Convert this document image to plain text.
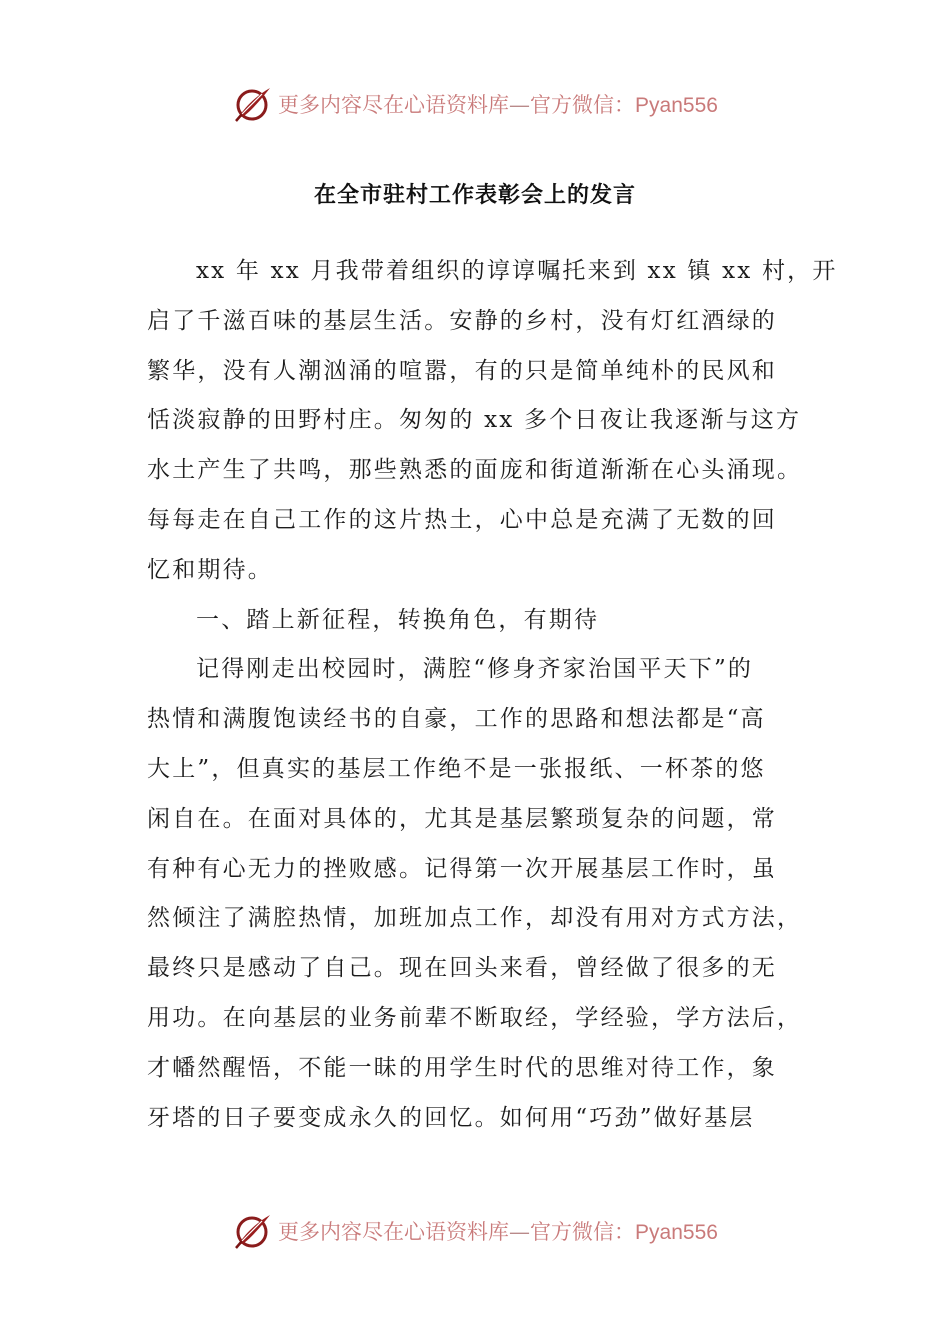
更多内容尽在心语资料库—官方微信：Pyan556
在全市驻村工作表彰会上的发言
xx 年 xx 月我带着组织的谆谆嘱托来到 xx 镇 xx 村，开
启了千滋百味的基层生活。安静的乡村，没有灯红酒绿的
繁华，没有人潮汹涌的喧嚣，有的只是简单纯朴的民风和
恬淡寂静的田野村庄。匆匆的 xx 多个日夜让我逐渐与这方
水土产生了共鸣，那些熟悉的面庞和街道渐渐在心头涌现。
每每走在自己工作的这片热土，心中总是充满了无数的回
忆和期待。
一、踏上新征程，转换角色，有期待
记得刚走出校园时，满腔“修身齐家治国平天下”的
热情和满腹饱读经书的自豪，工作的思路和想法都是“高
大上”，但真实的基层工作绝不是一张报纸、一杯茶的悠
闲自在。在面对具体的，尤其是基层繁琐复杂的问题，常
有种有心无力的挫败感。记得第一次开展基层工作时，虽
然倾注了满腔热情，加班加点工作，却没有用对方式方法，
最终只是感动了自己。现在回头来看，曾经做了很多的无
用功。在向基层的业务前辈不断取经，学经验，学方法后，
才幡然醒悟，不能一昧的用学生时代的思维对待工作，象
牙塔的日子要变成永久的回忆。如何用“巧劲”做好基层
更多内容尽在心语资料库—官方微信：Pyan556
